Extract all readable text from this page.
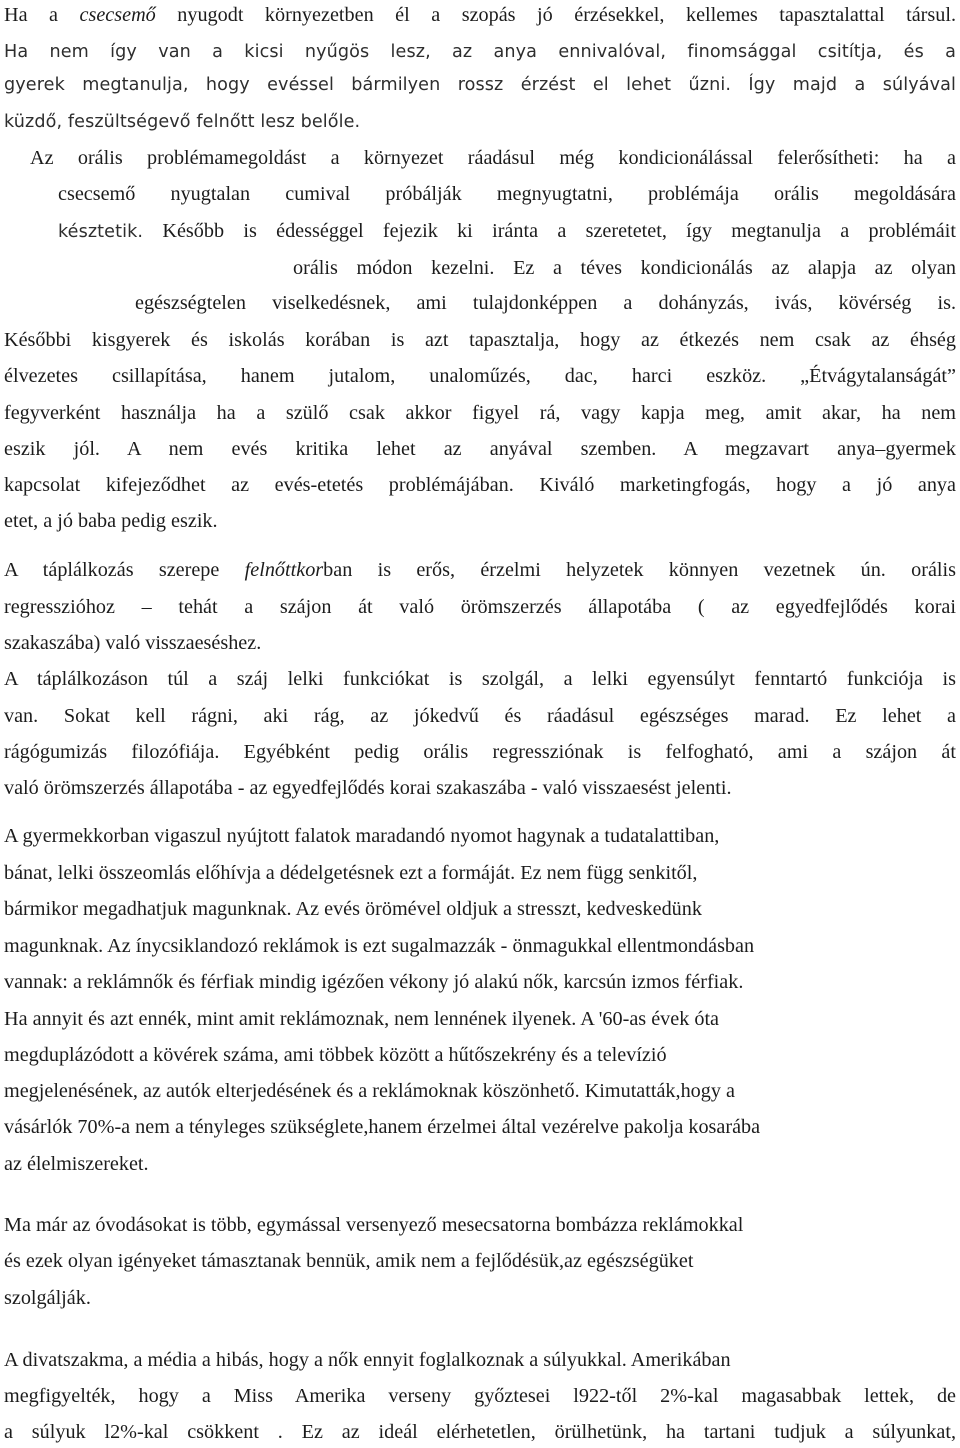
Ha a csecsemő nyugodt környezetben él a szopás jó érzésekkel, kellemes tapasztalattal társul.
Ha nem így van a kicsi nyűgös lesz, az anya ennivalóval, finomsággal csitítja, és a
gyerek megtanulja, hogy evéssel bármilyen rossz érzést el lehet űzni. Így majd a súlyával
küzdő, feszültségevő felnőtt lesz belőle.
Az orális problémamegoldást a környezet ráadásul még kondicionálással felerősítheti: ha a
csecsemő nyugtalan cumival próbálják megnyugtatni, problémája orális megoldására
késztetik. Később is édességgel fejezik ki iránta a szeretetet, így megtanulja a problémáit
orális módon kezelni. Ez a téves kondicionálás az alapja az olyan
egészségtelen viselkedésnek, ami tulajdonképpen a dohányzás, ivás, kövérség is.
Későbbi kisgyerek és iskolás korában is azt tapasztalja, hogy az étkezés nem csak az éhség
élvezetes csillapítása, hanem jutalom, unaloműzés, dac, harci eszköz. „Étvágytalanságát”
fegyverként használja ha a szülő csak akkor figyel rá, vagy kapja meg, amit akar, ha nem
eszik jól. A nem evés kritika lehet az anyával szemben. A megzavart anya–gyermek
kapcsolat kifejeződhet az evés-etetés problémájában. Kiváló marketingfogás, hogy a jó anya
etet, a jó baba pedig eszik.
A táplálkozás szerepe felnőttkorban is erős, érzelmi helyzetek könnyen vezetnek ún. orális
regresszióhoz – tehát a szájon át való örömszerzés állapotába ( az egyedfejlődés korai
szakaszába) való visszaeséshez.
A táplálkozáson túl a száj lelki funkciókat is szolgál, a lelki egyensúlyt fenntartó funkciója is
van. Sokat kell rágni, aki rág, az jókedvű és ráadásul egészséges marad. Ez lehet a
rágógumizás filozófiája. Egyébként pedig orális regressziónak is felfogható, ami a szájon át
való örömszerzés állapotába - az egyedfejlődés korai szakaszába - való visszaesést jelenti.
A gyermekkorban vigaszul nyújtott falatok maradandó nyomot hagynak a tudatalattiban,
bánat, lelki összeomlás előhívja a dédelgetésnek ezt a formáját. Ez nem függ senkitől,
bármikor megadhatjuk magunknak. Az evés örömével oldjuk a stresszt, kedveskedünk
magunknak. Az ínycsiklandozó reklámok is ezt sugalmazzák - önmagukkal ellentmondásban
vannak: a reklámnők és férfiak mindig igézően vékony jó alakú nők, karcsún izmos férfiak.
Ha annyit és azt ennék, mint amit reklámoznak, nem lennének ilyenek. A '60-as évek óta
megduplázódott a kövérek száma, ami többek között a hűtőszekrény és a televízió
megjelenésének, az autók elterjedésének és a reklámoknak köszönhető. Kimutatták,hogy a
vásárlók 70%-a nem a tényleges szükséglete,hanem érzelmei által vezérelve pakolja kosarába
az élelmiszereket.
Ma már az óvodásokat is több, egymással versenyező mesecsatorna bombázza reklámokkal
és ezek olyan igényeket támasztanak bennük, amik nem a fejlődésük,az egészségüket
szolgálják.
A divatszakma, a média a hibás, hogy a nők ennyit foglalkoznak a súlyukkal. Amerikában
megfigyelték, hogy a Miss Amerika verseny győztesei l922-től 2%-kal magasabbak lettek, de
a súlyuk l2%-kal csökkent . Ez az ideál elérhetetlen, örülhetünk, ha tartani tudjuk a súlyunkat,
